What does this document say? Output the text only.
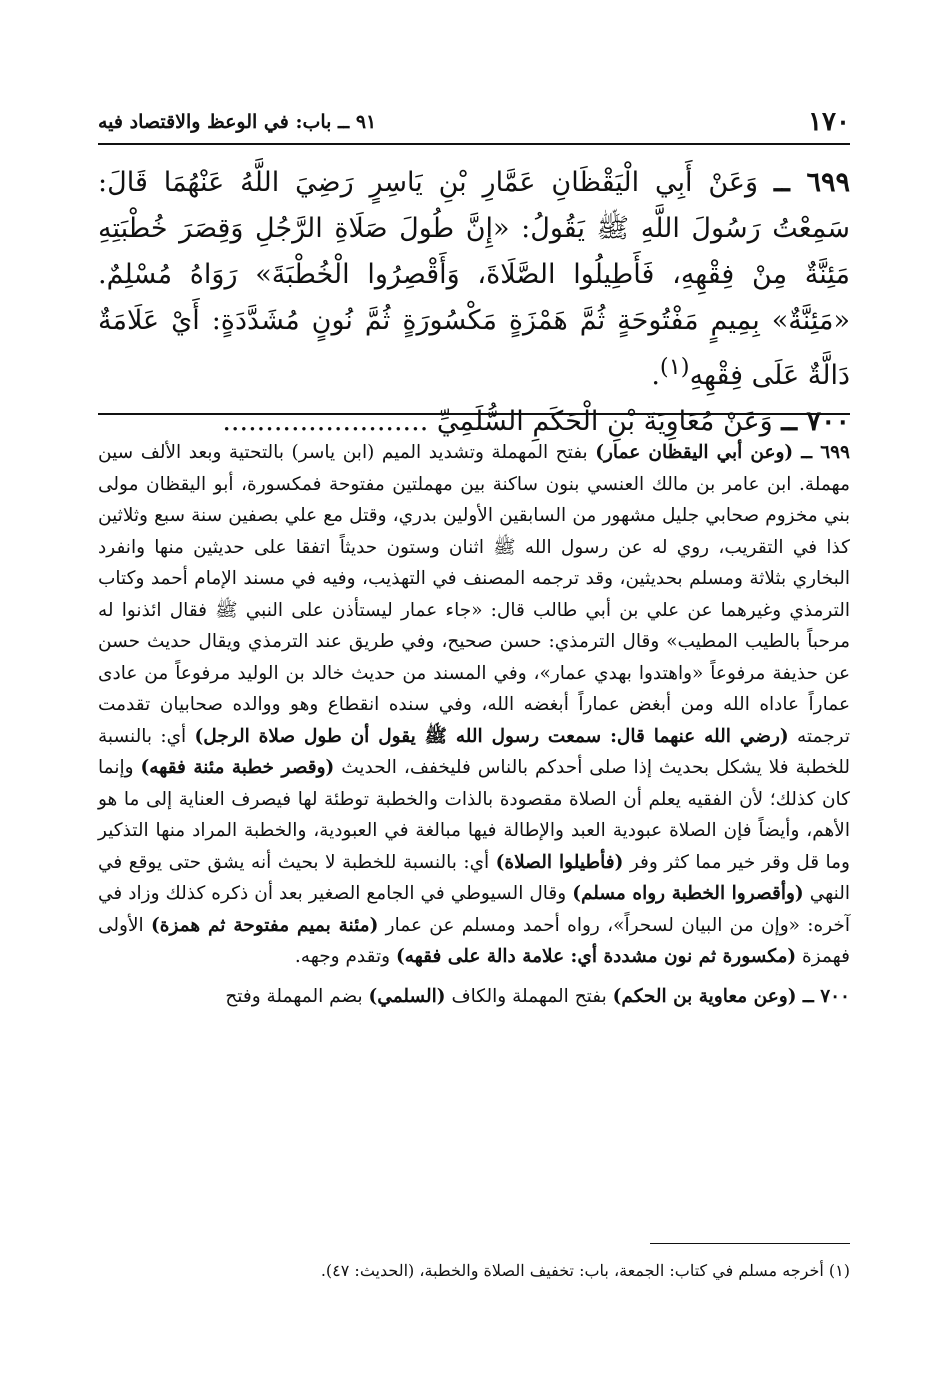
١٧٠
٩١ ــ باب: في الوعظ والاقتصاد فيه

٦٩٩ ــ وَعَنْ أَبِي الْيَقْظَانِ عَمَّارِ بْنِ يَاسِرٍ رَضِيَ اللَّهُ عَنْهُمَا قَالَ: سَمِعْتُ رَسُولَ اللَّهِ ﷺ يَقُولُ: «إِنَّ طُولَ صَلَاةِ الرَّجُلِ وَقِصَرَ خُطْبَتِهِ مَئِنَّةٌ مِنْ فِقْهِهِ، فَأَطِيلُوا الصَّلَاةَ، وَأَقْصِرُوا الْخُطْبَةَ» رَوَاهُ مُسْلِمٌ. «مَئِنَّةٌ» بِمِيمٍ مَفْتُوحَةٍ ثُمَّ هَمْزَةٍ مَكْسُورَةٍ ثُمَّ نُونٍ مُشَدَّدَةٍ: أَيْ عَلَامَةٌ دَالَّةٌ عَلَى فِقْهِهِ$^{(١)}$.

٧٠٠ ــ وَعَنْ مُعَاوِيَةَ بْنِ الْحَكَمِ السُّلَمِيِّ ........................

٦٩٩ ــ (وعن أبي اليقظان عمار) بفتح المهملة وتشديد الميم (ابن ياسر) بالتحتية وبعد الألف سين مهملة. ابن عامر بن مالك العنسي بنون ساكنة بين مهملتين مفتوحة فمكسورة، أبو اليقظان مولى بني مخزوم صحابي جليل مشهور من السابقين الأولين بدري، وقتل مع علي بصفين سنة سبع وثلاثين كذا في التقريب، روي له عن رسول الله ﷺ اثنان وستون حديثاً اتفقا على حديثين منها وانفرد البخاري بثلاثة ومسلم بحديثين، وقد ترجمه المصنف في التهذيب، وفيه في مسند الإمام أحمد وكتاب الترمذي وغيرهما عن علي بن أبي طالب قال: «جاء عمار ليستأذن على النبي ﷺ فقال ائذنوا له مرحباً بالطيب المطيب» وقال الترمذي: حسن صحيح، وفي طريق عند الترمذي ويقال حديث حسن عن حذيفة مرفوعاً «واهتدوا بهدي عمار»، وفي المسند من حديث خالد بن الوليد مرفوعاً من عادى عماراً عاداه الله ومن أبغض عماراً أبغضه الله، وفي سنده انقطاع وهو ووالده صحابيان تقدمت ترجمته (رضي الله عنهما قال: سمعت رسول الله ﷺ يقول أن طول صلاة الرجل) أي: بالنسبة للخطبة فلا يشكل بحديث إذا صلى أحدكم بالناس فليخفف، الحديث (وقصر خطبة مئنة فقهه) وإنما كان كذلك؛ لأن الفقيه يعلم أن الصلاة مقصودة بالذات والخطبة توطئة لها فيصرف العناية إلى ما هو الأهم، وأيضاً فإن الصلاة عبودية العبد والإطالة فيها مبالغة في العبودية، والخطبة المراد منها التذكير وما قل وقر خير مما كثر وفر (فأطيلوا الصلاة) أي: بالنسبة للخطبة لا بحيث أنه يشق حتى يوقع في النهي (وأقصروا الخطبة رواه مسلم) وقال السيوطي في الجامع الصغير بعد أن ذكره كذلك وزاد في آخره: «وإن من البيان لسحراً»، رواه أحمد ومسلم عن عمار (مئنة بميم مفتوحة ثم همزة) الأولى فهمزة (مكسورة ثم نون مشددة أي: علامة دالة على فقهه) وتقدم وجهه.

٧٠٠ ــ (وعن معاوية بن الحكم) بفتح المهملة والكاف (السلمي) بضم المهملة وفتح

(١) أخرجه مسلم في كتاب: الجمعة، باب: تخفيف الصلاة والخطبة، (الحديث: ٤٧).
